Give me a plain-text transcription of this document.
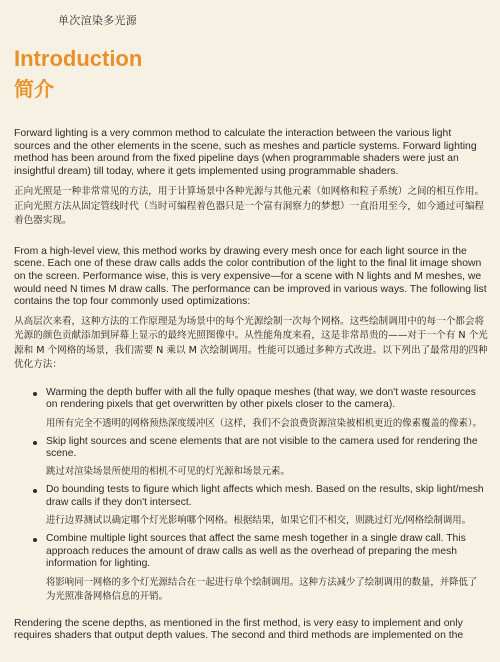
单次渲染多光源
Introduction
简介

Forward lighting is a very common method to calculate the interaction between the various light sources and the other elements in the scene, such as meshes and particle systems. Forward lighting method has been around from the fixed pipeline days (when programmable shaders were just an insightful dream) till today, where it gets implemented using programmable shaders.

正向光照是一种非常常见的方法，用于计算场景中各种光源与其他元素（如网格和粒子系统）之间的相互作用。正向光照方法从固定管线时代（当时可编程着色器只是一个富有洞察力的梦想）一直沿用至今，如今通过可编程着色器实现。

From a high-level view, this method works by drawing every mesh once for each light source in the scene. Each one of these draw calls adds the color contribution of the light to the final lit image shown on the screen. Performance wise, this is very expensive—for a scene with N lights and M meshes, we would need N times M draw calls. The performance can be improved in various ways. The following list contains the top four commonly used optimizations:

从高层次来看，这种方法的工作原理是为场景中的每个光源绘制一次每个网格。这些绘制调用中的每一个都会将光源的颜色贡献添加到屏幕上显示的最终光照图像中。从性能角度来看，这是非常昂贵的——对于一个有 N 个光源和 M 个网格的场景，我们需要 N 乘以 M 次绘制调用。性能可以通过多种方式改进。以下列出了最常用的四种优化方法：

Warming the depth buffer with all the fully opaque meshes (that way, we don't waste resources on rendering pixels that get overwritten by other pixels closer to the camera).

用所有完全不透明的网格预热深度缓冲区（这样，我们不会浪费资源渲染被相机更近的像素覆盖的像素）。

Skip light sources and scene elements that are not visible to the camera used for rendering the scene.

跳过对渲染场景所使用的相机不可见的灯光源和场景元素。

Do bounding tests to figure which light affects which mesh. Based on the results, skip light/mesh draw calls if they don't intersect.

进行边界测试以确定哪个灯光影响哪个网格。根据结果，如果它们不相交，则跳过灯光/网格绘制调用。

Combine multiple light sources that affect the same mesh together in a single draw call. This approach reduces the amount of draw calls as well as the overhead of preparing the mesh information for lighting.

将影响同一网格的多个灯光源结合在一起进行单个绘制调用。这种方法减少了绘制调用的数量，并降低了为光照准备网格信息的开销。

Rendering the scene depths, as mentioned in the first method, is very easy to implement and only requires shaders that output depth values. The second and third methods are implemented on the
